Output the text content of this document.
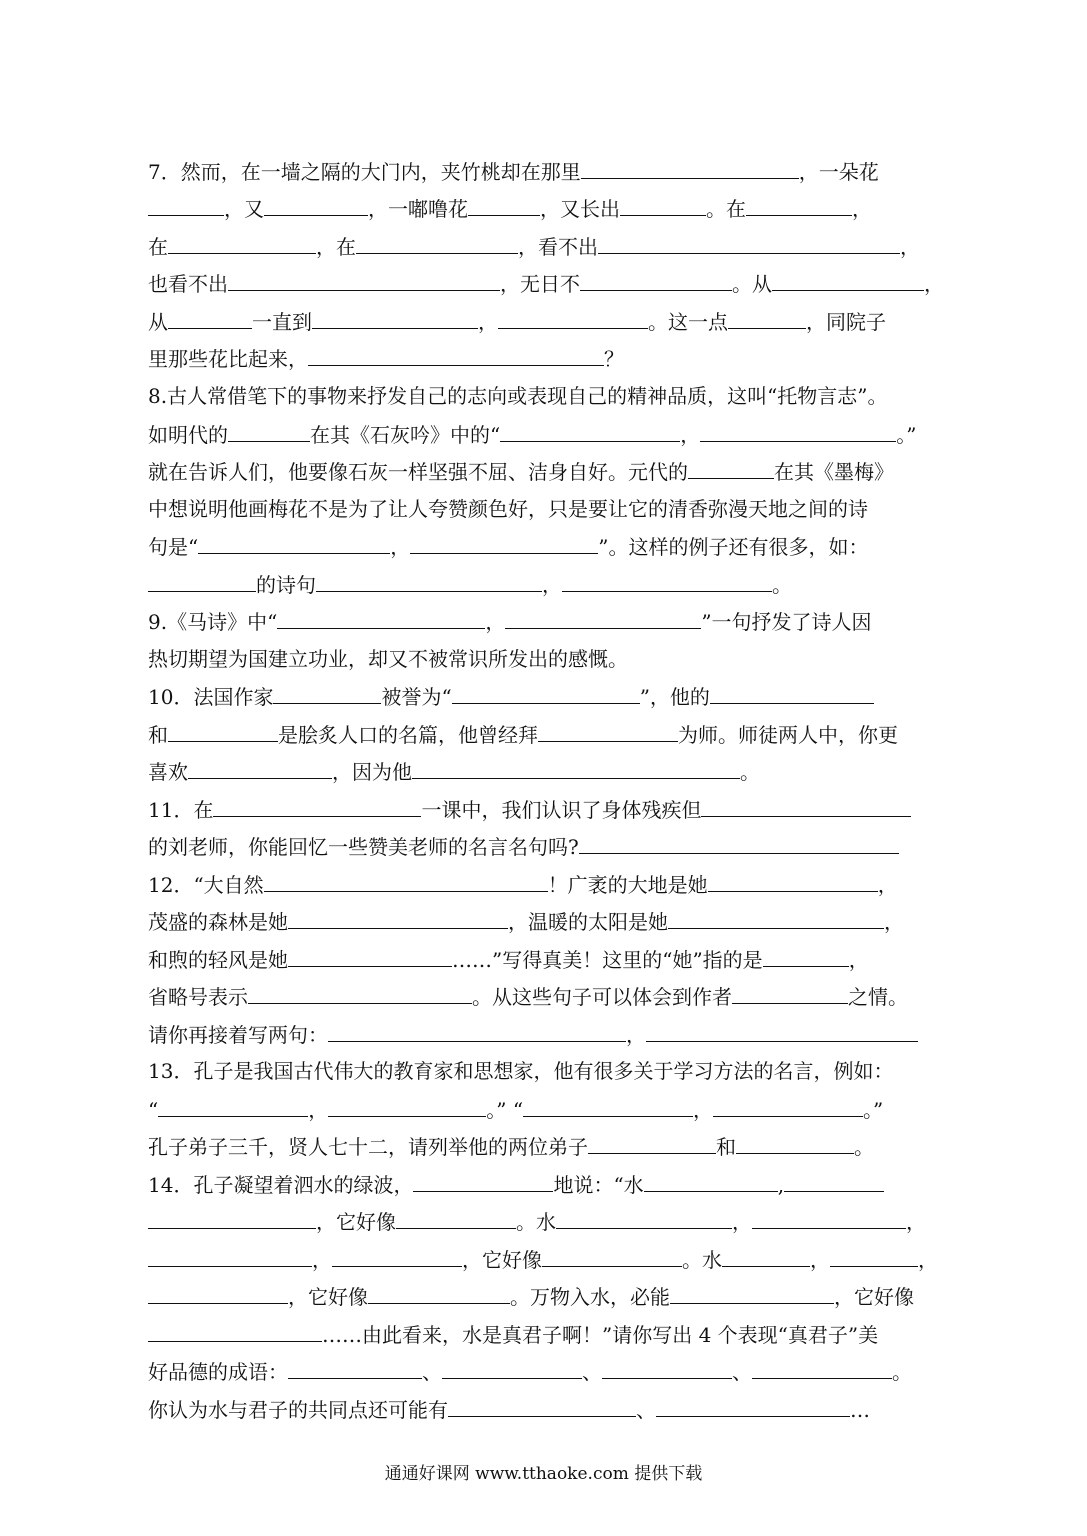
7．然而，在一墙之隔的大门内，夹竹桃却在那里	，一朵花
，又	，一嘟噜花	，又长出	。在	，
在	，在	，看不出	，
也看不出	，无日不	。从	，
从	一直到	，	。这一点	，同院子
里那些花比起来，	？
8.古人常借笔下的事物来抒发自己的志向或表现自己的精神品质，这叫“托物言志”。
如明代的	在其《石灰吟》中的“	，	。”
就在告诉人们，他要像石灰一样坚强不屈、洁身自好。元代的	在其《墨梅》
中想说明他画梅花不是为了让人夸赞颜色好，只是要让它的清香弥漫天地之间的诗
句是“	，	”。这样的例子还有很多，如：
的诗句	，	。
9.《马诗》中“	，	”一句抒发了诗人因
热切期望为国建立功业，却又不被常识所发出的感慨。
10．法国作家	被誉为“	”，他的
和	是脍炙人口的名篇，他曾经拜	为师。师徒两人中，你更
喜欢	，因为他	。
11．在	一课中，我们认识了身体残疾但
的刘老师，你能回忆一些赞美老师的名言名句吗?
12．“大自然	！广袤的大地是她	，
茂盛的森林是她	，温暖的太阳是她	，
和煦的轻风是她	……”写得真美！这里的“她”指的是	，
省略号表示	。从这些句子可以体会到作者	之情。
请你再接着写两句：	，
13．孔子是我国古代伟大的教育家和思想家，他有很多关于学习方法的名言，例如：
“	，	。” “	，	。”
孔子弟子三千，贤人七十二，请列举他的两位弟子	和	。
14．孔子凝望着泗水的绿波，	地说：“水	,
，它好像	。水	，	，
，	，它好像	。水	，	，
，它好像	。万物入水，必能	，它好像
……由此看来，水是真君子啊！”请你写出 4 个表现“真君子”美
好品德的成语：	、	、	、	。
你认为水与君子的共同点还可能有	、	…
通通好课网 www.tthaoke.com 提供下载
